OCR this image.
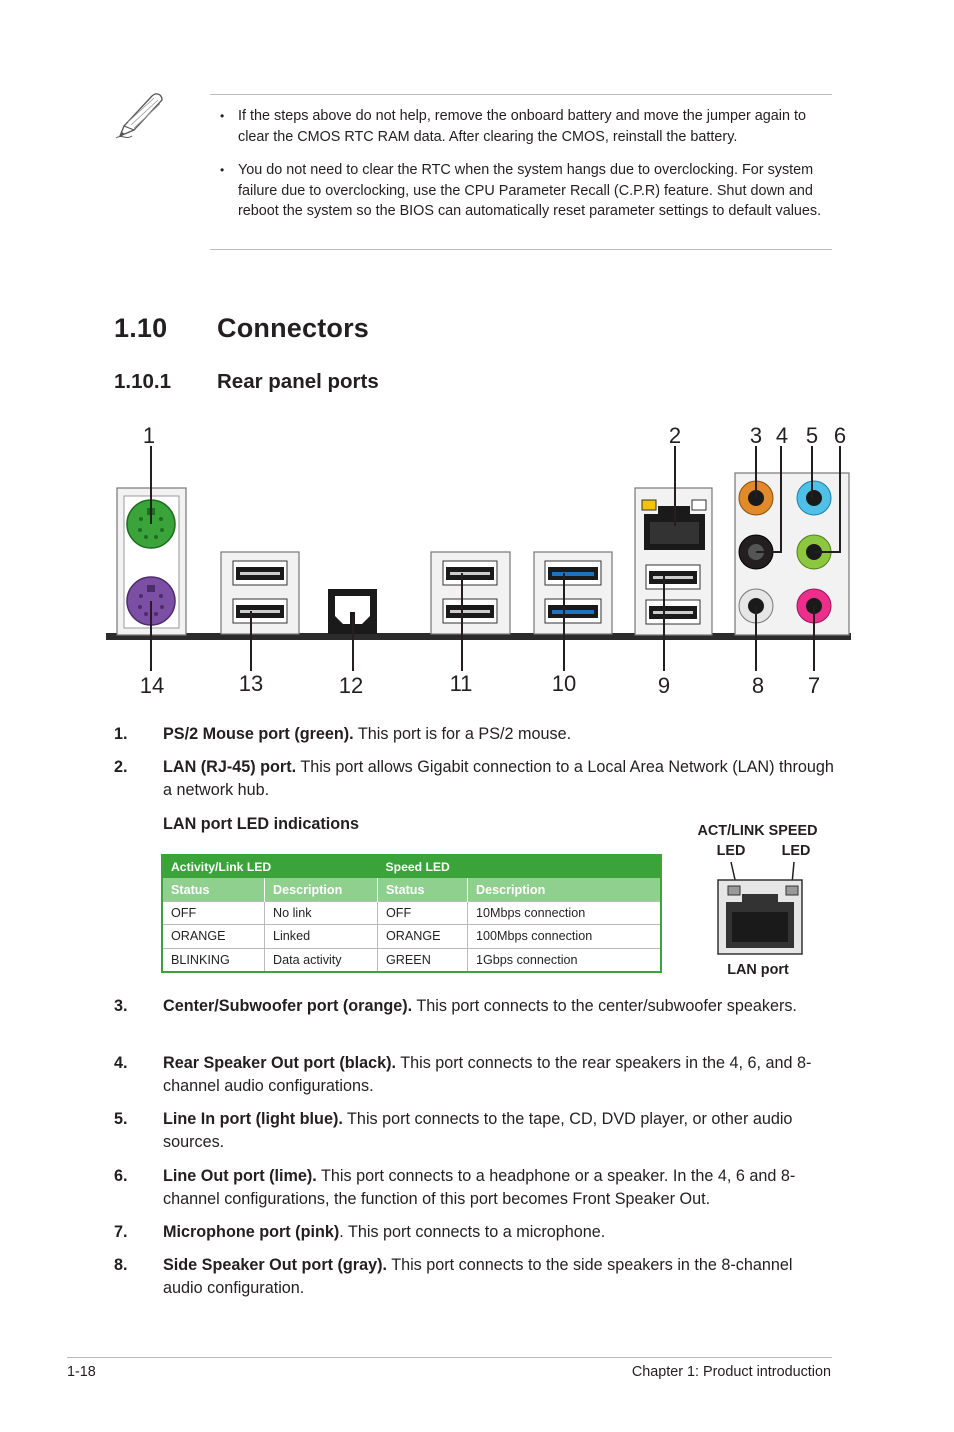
• If the steps above do not help, remove the onboard battery and move the jumper again to clear the CMOS RTC RAM data. After clearing the CMOS, reinstall the battery.
• You do not need to clear the RTC when the system hangs due to overclocking. For system failure due to overclocking, use the CPU Parameter Recall (C.P.R) feature. Shut down and reboot the system so the BIOS can automatically reset parameter settings to default values.
1.10 Connectors
1.10.1 Rear panel ports
1	2	3 4 5 6
14	13	12	11	10	9	8 7
1. PS/2 Mouse port (green). This port is for a PS/2 mouse.
2. LAN (RJ-45) port. This port allows Gigabit connection to a Local Area Network (LAN) through a network hub.
LAN port LED indications
Activity/Link LED		Speed LED	
Status	Description	Status	Description
OFF	No link	OFF	10Mbps connection
ORANGE	Linked	ORANGE	100Mbps connection
BLINKING	Data activity	GREEN	1Gbps connection
ACT/LINK SPEED
LED	LED
LAN port
3. Center/Subwoofer port (orange). This port connects to the center/subwoofer speakers.
4. Rear Speaker Out port (black). This port connects to the rear speakers in the 4, 6, and 8-channel audio configurations.
5. Line In port (light blue). This port connects to the tape, CD, DVD player, or other audio sources.
6. Line Out port (lime). This port connects to a headphone or a speaker. In the 4, 6 and 8-channel configurations, the function of this port becomes Front Speaker Out.
7. Microphone port (pink). This port connects to a microphone.
8. Side Speaker Out port (gray). This port connects to the side speakers in the 8-channel audio configuration.
1-18	Chapter 1: Product introduction
